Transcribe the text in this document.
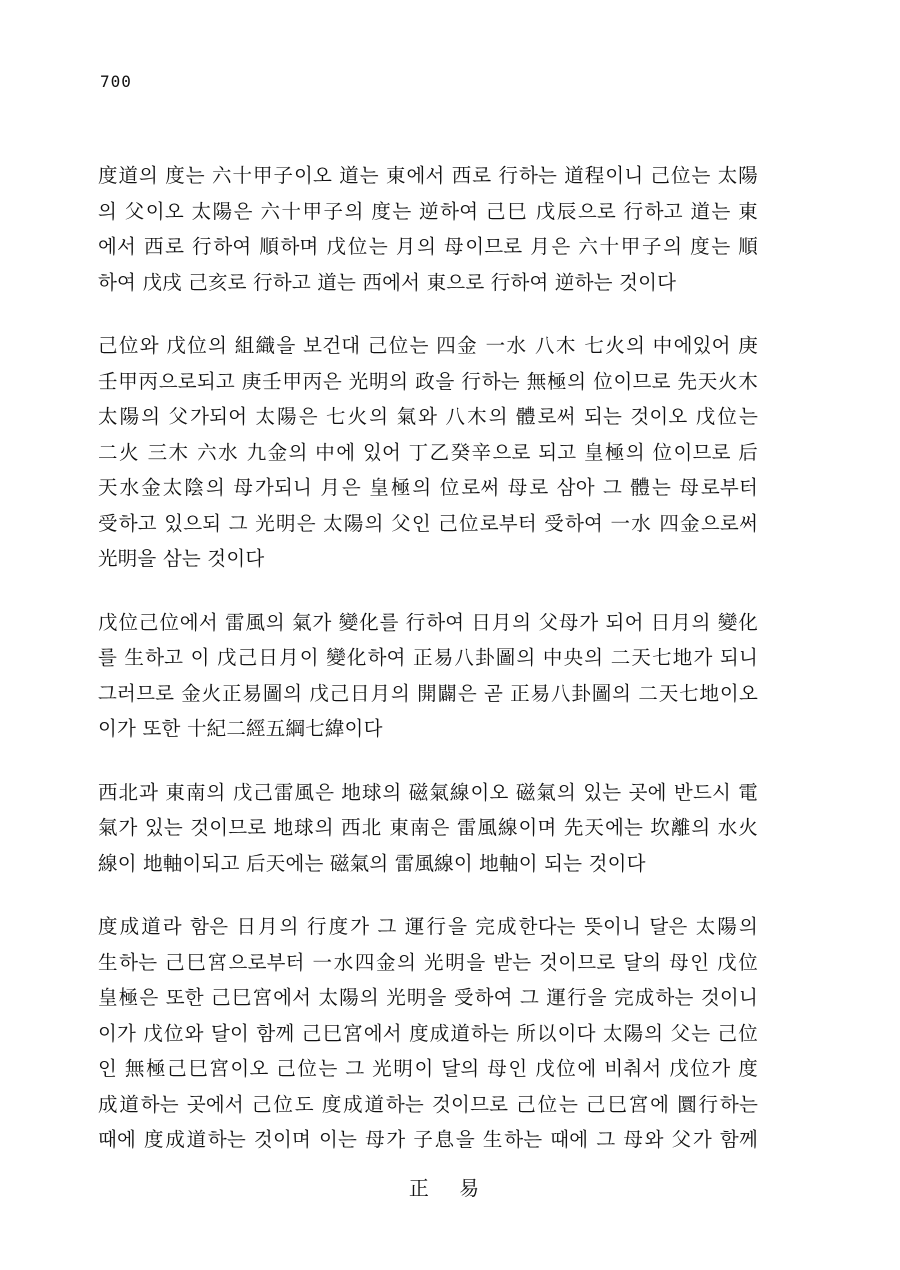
700
度道의 度는 六十甲子이오 道는 東에서 西로 行하는 道程이니 己位는 太陽
의 父이오 太陽은 六十甲子의 度는 逆하여 己巳 戊辰으로 行하고 道는 東
에서 西로 行하여 順하며 戊位는 月의 母이므로 月은 六十甲子의 度는 順
하여 戊戌 己亥로 行하고 道는 西에서 東으로 行하여 逆하는 것이다
己位와 戊位의 組織을 보건대 己位는 四金 一水 八木 七火의 中에있어 庚
壬甲丙으로되고 庚壬甲丙은 光明의 政을 行하는 無極의 位이므로 先天火木
太陽의 父가되어 太陽은 七火의 氣와 八木의 體로써 되는 것이오 戊位는
二火 三木 六水 九金의 中에 있어 丁乙癸辛으로 되고 皇極의 位이므로 后
天水金太陰의 母가되니 月은 皇極의 位로써 母로 삼아 그 體는 母로부터
受하고 있으되 그 光明은 太陽의 父인 己位로부터 受하여 一水 四金으로써
光明을 삼는 것이다
戊位己位에서 雷風의 氣가 變化를 行하여 日月의 父母가 되어 日月의 變化
를 生하고 이 戊己日月이 變化하여 正易八卦圖의 中央의 二天七地가 되니
그러므로 金火正易圖의 戊己日月의 開闢은 곧 正易八卦圖의 二天七地이오
이가 또한 十紀二經五綱七緯이다
西北과 東南의 戊己雷風은 地球의 磁氣線이오 磁氣의 있는 곳에 반드시 電
氣가 있는 것이므로 地球의 西北 東南은 雷風線이며 先天에는 坎離의 水火
線이 地軸이되고 后天에는 磁氣의 雷風線이 地軸이 되는 것이다
度成道라 함은 日月의 行度가 그 運行을 完成한다는 뜻이니 달은 太陽의
生하는 己巳宮으로부터 一水四金의 光明을 받는 것이므로 달의 母인 戊位
皇極은 또한 己巳宮에서 太陽의 光明을 受하여 그 運行을 完成하는 것이니
이가 戊位와 달이 함께 己巳宮에서 度成道하는 所以이다 太陽의 父는 己位
인 無極己巳宮이오 己位는 그 光明이 달의 母인 戊位에 비춰서 戊位가 度
成道하는 곳에서 己位도 度成道하는 것이므로 己位는 己巳宮에 圜行하는
때에 度成道하는 것이며 이는 母가 子息을 生하는 때에 그 母와 父가 함께
正 易
